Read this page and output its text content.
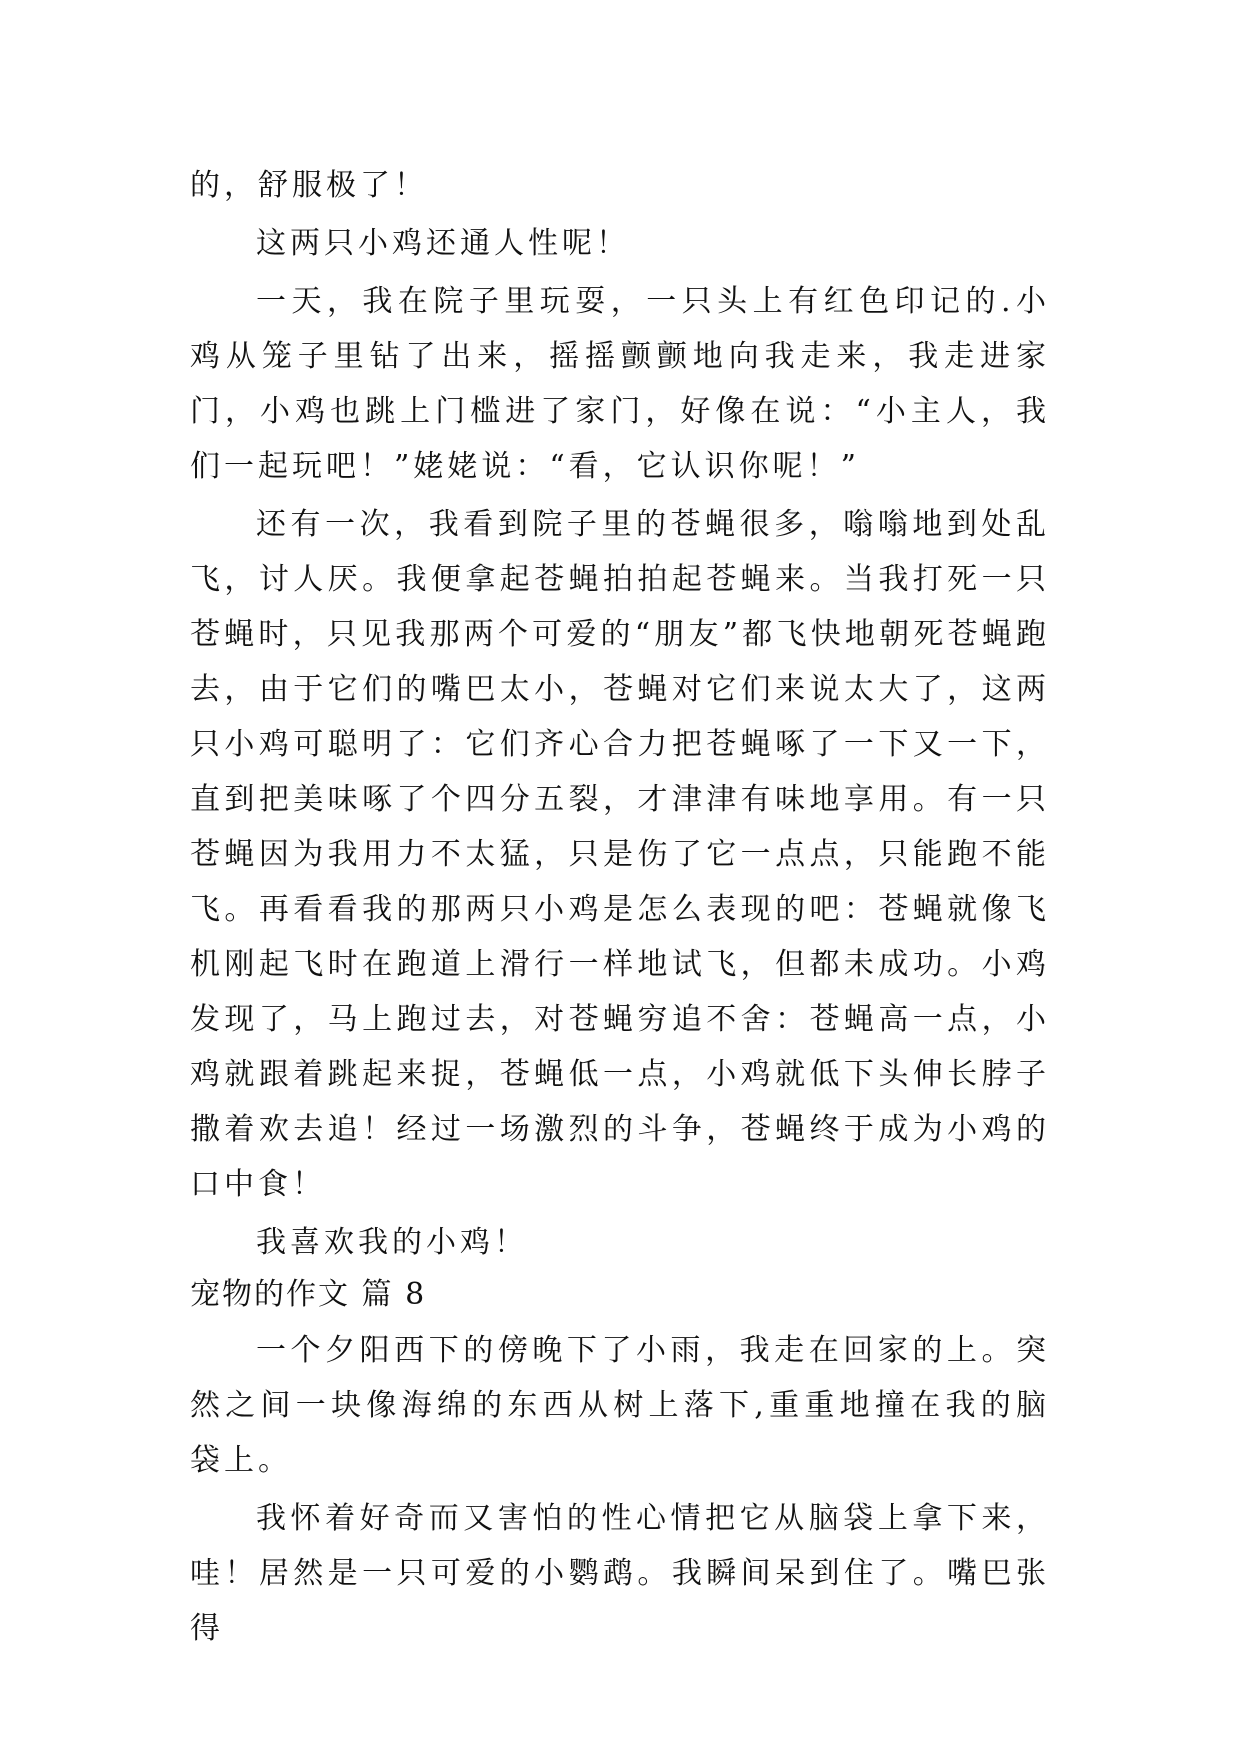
的，舒服极了！

这两只小鸡还通人性呢！

一天，我在院子里玩耍，一只头上有红色印记的.小鸡从笼子里钻了出来，摇摇颤颤地向我走来，我走进家门，小鸡也跳上门槛进了家门，好像在说：“小主人，我们一起玩吧！”姥姥说：“看，它认识你呢！”

还有一次，我看到院子里的苍蝇很多，嗡嗡地到处乱飞，讨人厌。我便拿起苍蝇拍拍起苍蝇来。当我打死一只苍蝇时，只见我那两个可爱的“朋友”都飞快地朝死苍蝇跑去，由于它们的嘴巴太小，苍蝇对它们来说太大了，这两只小鸡可聪明了：它们齐心合力把苍蝇啄了一下又一下，直到把美味啄了个四分五裂，才津津有味地享用。有一只苍蝇因为我用力不太猛，只是伤了它一点点，只能跑不能飞。再看看我的那两只小鸡是怎么表现的吧：苍蝇就像飞机刚起飞时在跑道上滑行一样地试飞，但都未成功。小鸡发现了，马上跑过去，对苍蝇穷追不舍：苍蝇高一点，小鸡就跟着跳起来捉，苍蝇低一点，小鸡就低下头伸长脖子撒着欢去追！经过一场激烈的斗争，苍蝇终于成为小鸡的口中食！

我喜欢我的小鸡！

宠物的作文 篇 8

一个夕阳西下的傍晚下了小雨，我走在回家的上。突然之间一块像海绵的东西从树上落下,重重地撞在我的脑袋上。

我怀着好奇而又害怕的性心情把它从脑袋上拿下来，哇！居然是一只可爱的小鹦鹉。我瞬间呆到住了。嘴巴张得
